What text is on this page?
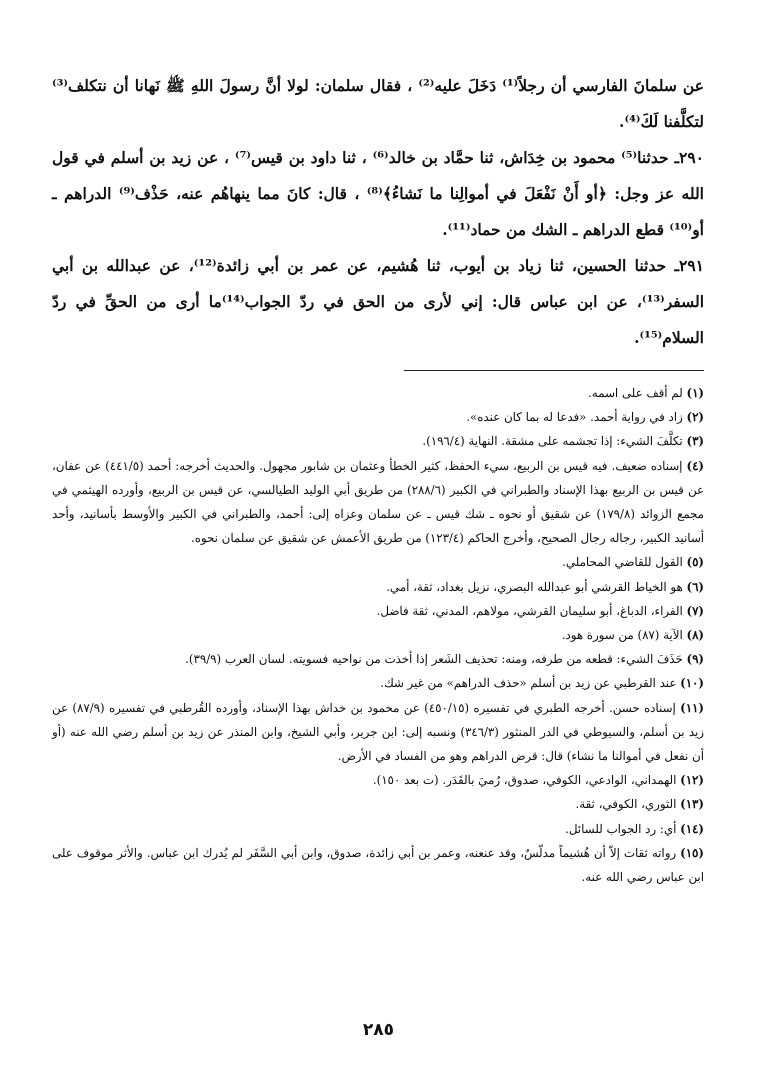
عن سلمانَ الفارسي أن رجلاً⁽¹⁾ دَخَلَ عليه⁽²⁾ ، فقال سلمان: لولا أنَّ رسولَ اللهِ ﷺ نَهانا أن نتكلف⁽³⁾ لتكلَّفنا لَكَ⁽⁴⁾.

٢٩٠ـ حدثنا⁽⁵⁾ محمود بن خِدَاش، ثنا حمَّاد بن خالد⁽⁶⁾ ، ثنا داود بن قيس⁽⁷⁾ ، عن زيد بن أسلم في قول الله عز وجل: ﴿أو أَنْ نَفْعَلَ في أموالِنا ما نَشاءُ﴾⁽⁸⁾ ، قال: كانَ مما ينهاهُم عنه، حَذْف⁽⁹⁾ الدراهم ـ أو⁽¹⁰⁾ قطع الدراهم ـ الشك من حماد⁽¹¹⁾.

٢٩١ـ حدثنا الحسين، ثنا زياد بن أيوب، ثنا هُشيم، عن عمر بن أبي زائدة⁽¹²⁾، عن عبدالله بن أبي السفر⁽¹³⁾، عن ابن عباس قال: إني لأرى من الحق في ردّ الجواب⁽¹⁴⁾ما أرى من الحقِّ في ردّ السلام⁽¹⁵⁾.

(١) لم أقف على اسمه.

(٢) زاد في رواية أحمد. «فدعا له بما كان عنده».

(٣) تكلَّفَ الشيء: إذا تجشمه على مشقة. النهاية (١٩٦/٤).

(٤) إسناده ضعيف. فيه قيس بن الربيع، سيء الحفظ، كثير الخطأ وعثمان بن شابور مجهول. والحديث أخرجه: أحمد (٤٤١/٥) عن عفان، عن قيس بن الربيع بهذا الإسناد والطبراني في الكبير (٢٨٨/٦) من طريق أبي الوليد الطيالسي، عن قيس بن الربيع، وأورده الهيثمي في مجمع الزوائد (١٧٩/٨) عن شقيق أو نحوه ـ شك قيس ـ عن سلمان وعزاه إلى: أحمد، والطبراني في الكبير والأوسط بأسانيد، وأحد أسانيد الكبير، رجاله رجال الصحيح، وأخرج الحاكم (١٢٣/٤) من طريق الأعمش عن شقيق عن سلمان نحوه.

(٥) القول للقاضي المحاملي.

(٦) هو الخياط القرشي أبو عبدالله البصري، نزيل بغداد، ثقة، أمي.

(٧) الفراء، الدباغ، أبو سليمان القرشي، مولاهم، المدني، ثقة فاضل.

(٨) الآية (٨٧) من سورة هود.

(٩) حَذَفَ الشيء: قطعه من طرفه، ومنه: تحذيف الشَعر إذا أخذت من نواحيه فسويته. لسان العرب (٣٩/٩).

(١٠) عند القرطبي عن زيد بن أسلم «حذف الدراهم» من غير شك.

(١١) إسناده حسن. أخرجه الطبري في تفسيره (٤٥٠/١٥) عن محمود بن خداش بهذا الإسناد، وأورده القُرطبي في تفسيره (٨٧/٩) عن زيد بن أسلم، والسيوطي في الدر المنثور (٣٤٦/٣) ونسبه إلى: ابن جرير، وأبي الشيخ، وابن المنذر عن زيد بن أسلم رضي الله عنه (أو أن نفعل في أموالنا ما نشاء) قال: قرض الدراهم وهو من الفساد في الأرض.

(١٢) الهمداني، الوادعي، الكوفي، صدوق، رُميَ بالقَدَر. (ت بعد ١٥٠).

(١٣) الثوري، الكوفي، ثقة.

(١٤) أي: رد الجواب للسائل.

(١٥) رواته ثقات إلاّ أن هُشيماً مدلّسٌ، وقد عنعنه، وعمر بن أبي زائدة، صدوق، وابن أبي السَّفَر لم يُدرك ابن عباس. والأثر موقوف على ابن عباس رضي الله عنه.

٢٨٥
